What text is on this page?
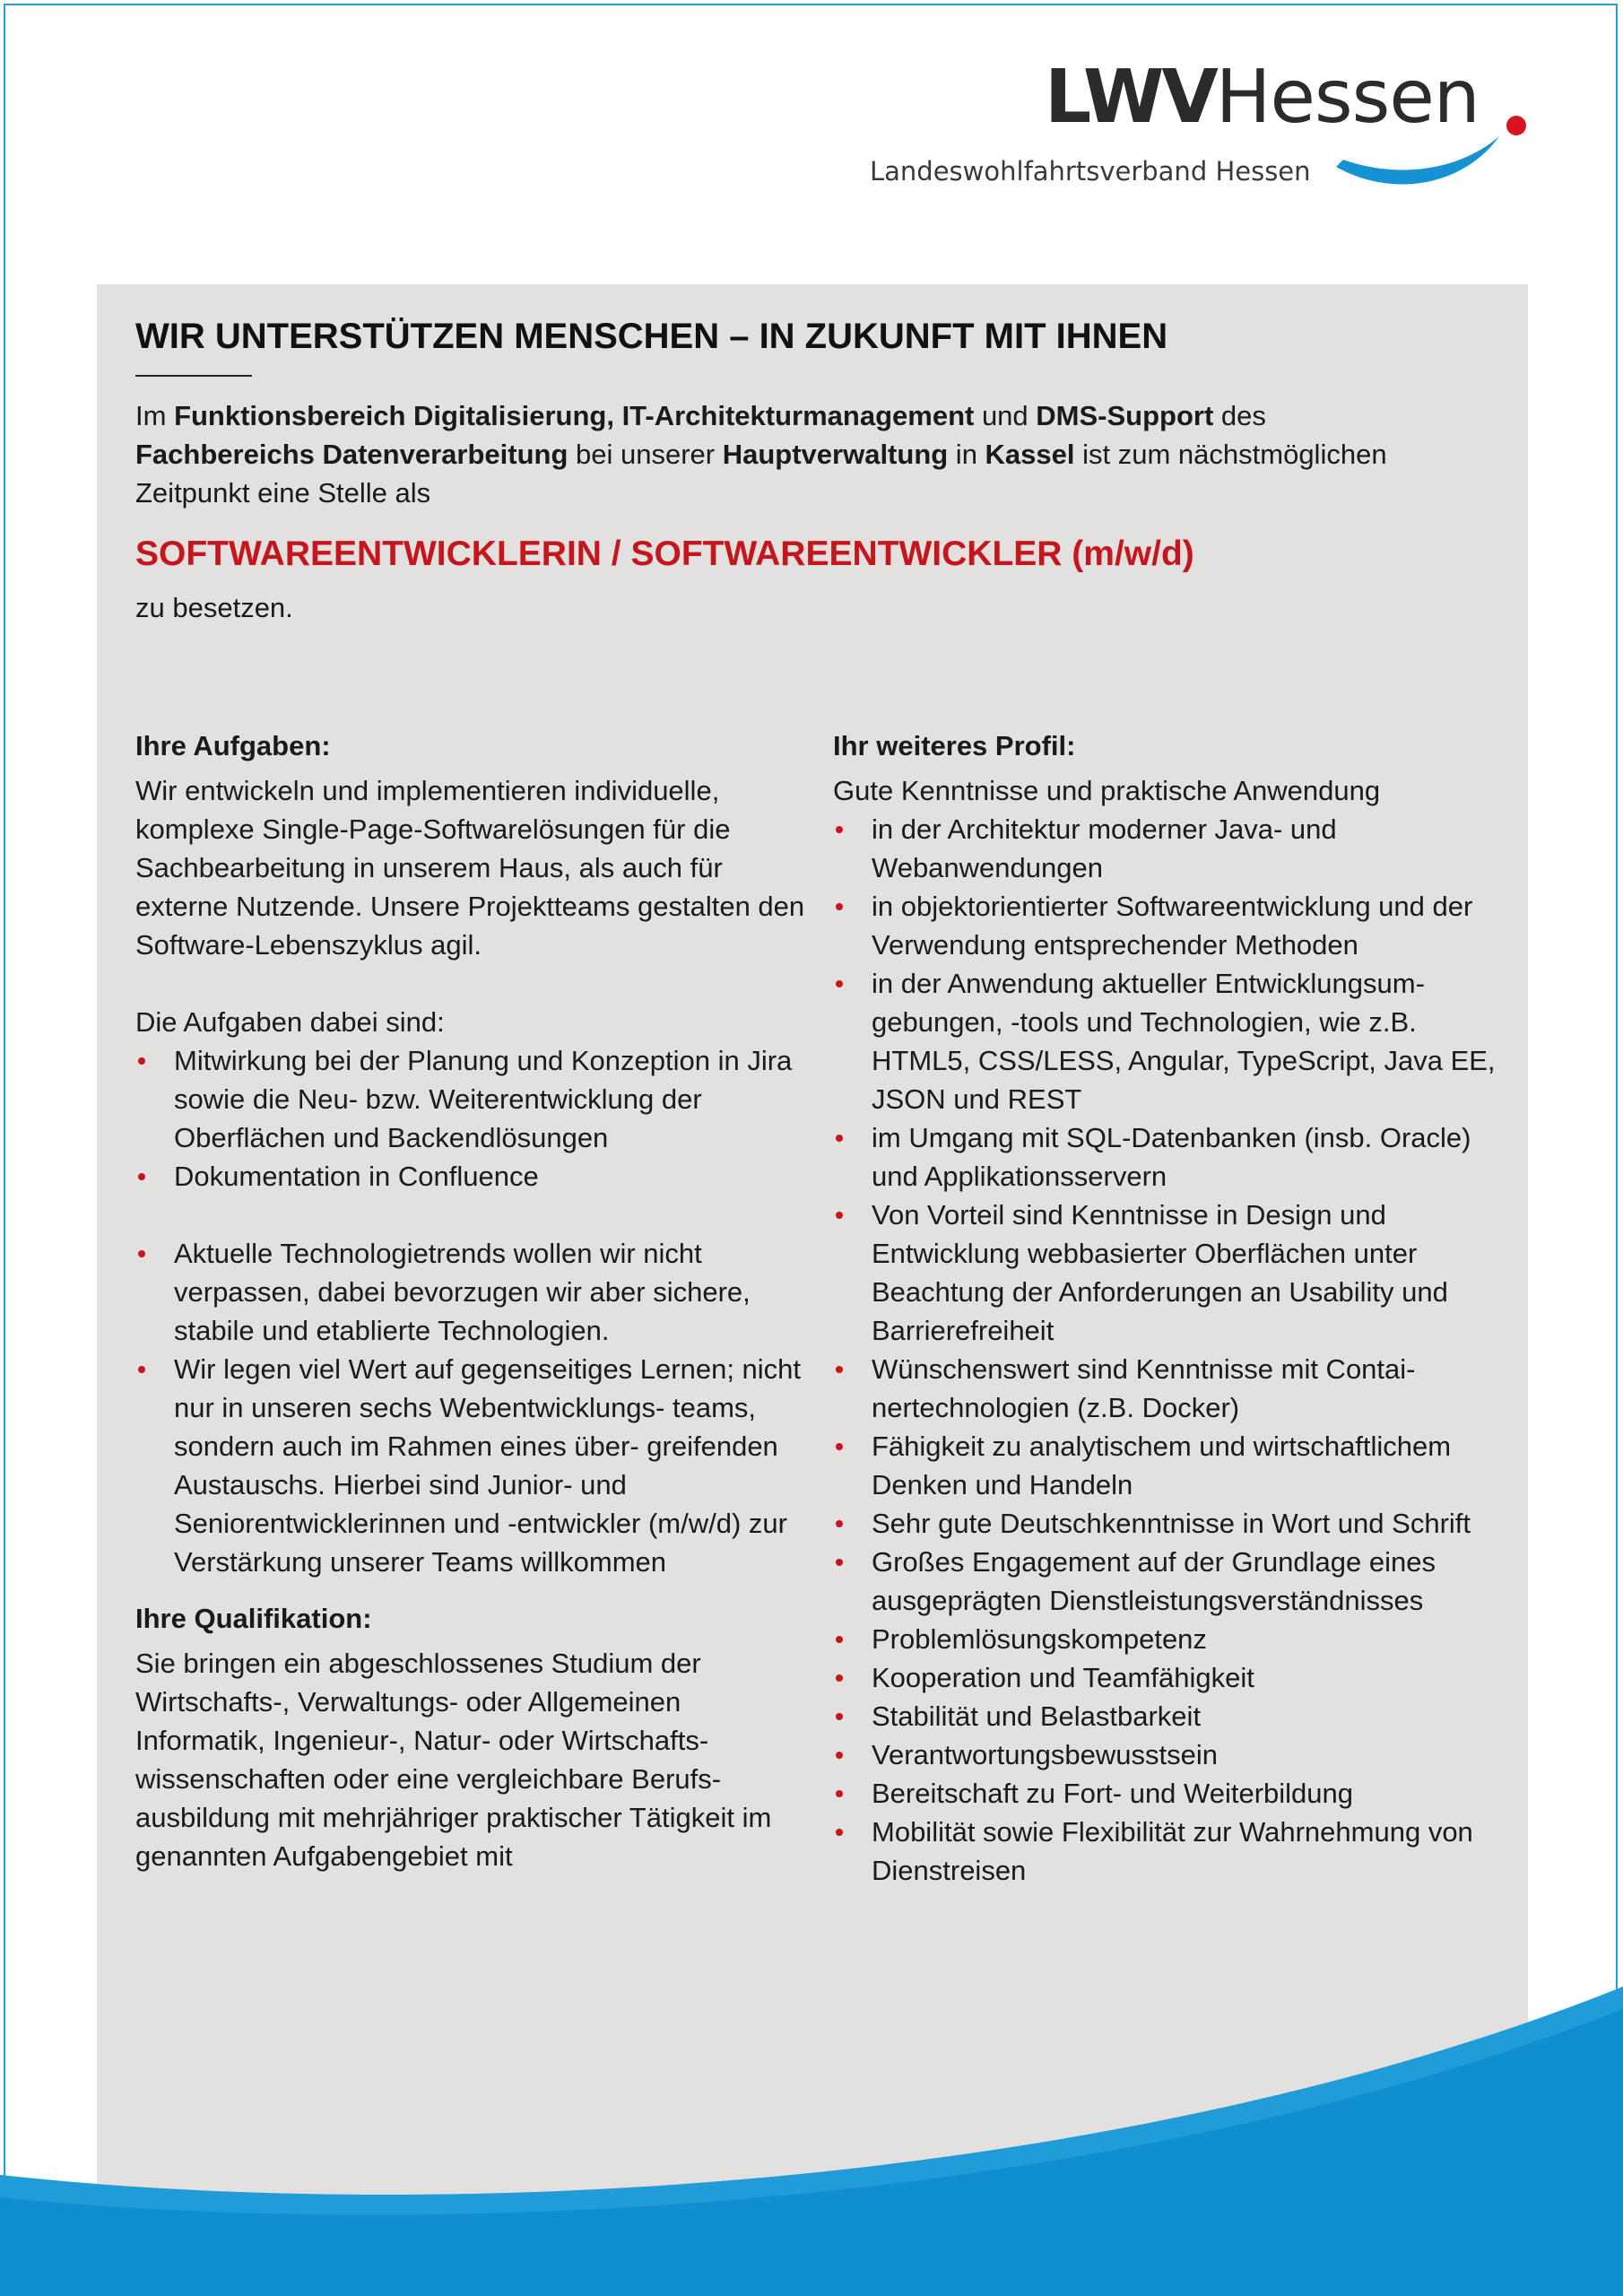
LWVHessen
Landeswohlfahrtsverband Hessen
WIR UNTERSTÜTZEN MENSCHEN – IN ZUKUNFT MIT IHNEN

Im Funktionsbereich Digitalisierung, IT-Architekturmanagement und DMS-Support des
Fachbereichs Datenverarbeitung bei unserer Hauptverwaltung in Kassel ist zum nächstmöglichen Zeitpunkt eine Stelle als

SOFTWAREENTWICKLERIN / SOFTWAREENTWICKLER (m/w/d)

zu besetzen.

Ihre Aufgaben:

Wir entwickeln und implementieren individuelle, komplexe Single-Page-Softwarelösungen für die Sachbearbeitung in unserem Haus, als auch für externe Nutzende. Unsere Projektteams gestalten den Software-Lebenszyklus agil.

Die Aufgaben dabei sind:

Mitwirkung bei der Planung und Konzeption in Jira sowie die Neu- bzw. Weiterentwicklung der Oberflächen und Backendlösungen
Dokumentation in Confluence
Aktuelle Technologietrends wollen wir nicht verpassen, dabei bevorzugen wir aber sichere, stabile und etablierte Technologien.
Wir legen viel Wert auf gegenseitiges Lernen; nicht nur in unseren sechs Webentwicklungs- teams, sondern auch im Rahmen eines über- greifenden Austauschs. Hierbei sind Junior- und Seniorentwicklerinnen und -entwickler (m/w/d) zur Verstärkung unserer Teams willkommen
Ihre Qualifikation:

Sie bringen ein abgeschlossenes Studium der Wirtschafts-, Verwaltungs- oder Allgemeinen Informatik, Ingenieur-, Natur- oder Wirtschafts- wissenschaften oder eine vergleichbare Berufs- ausbildung mit mehrjähriger praktischer Tätigkeit im genannten Aufgabengebiet mit

Ihr weiteres Profil:

Gute Kenntnisse und praktische Anwendung

in der Architektur moderner Java- und Webanwendungen
in objektorientierter Softwareentwicklung und der Verwendung entsprechender Methoden
in der Anwendung aktueller Entwicklungsum- gebungen, -tools und Technologien, wie z.B. HTML5, CSS/LESS, Angular, TypeScript, Java EE, JSON und REST
im Umgang mit SQL-Datenbanken (insb. Oracle) und Applikationsservern
Von Vorteil sind Kenntnisse in Design und Entwicklung webbasierter Oberflächen unter Beachtung der Anforderungen an Usability und Barrierefreiheit
Wünschenswert sind Kenntnisse mit Contai- nertechnologien (z.B. Docker)
Fähigkeit zu analytischem und wirtschaftlichem Denken und Handeln
Sehr gute Deutschkenntnisse in Wort und Schrift
Großes Engagement auf der Grundlage eines ausgeprägten Dienstleistungsverständnisses
Problemlösungskompetenz
Kooperation und Teamfähigkeit
Stabilität und Belastbarkeit
Verantwortungsbewusstsein
Bereitschaft zu Fort- und Weiterbildung
Mobilität sowie Flexibilität zur Wahrnehmung von Dienstreisen
